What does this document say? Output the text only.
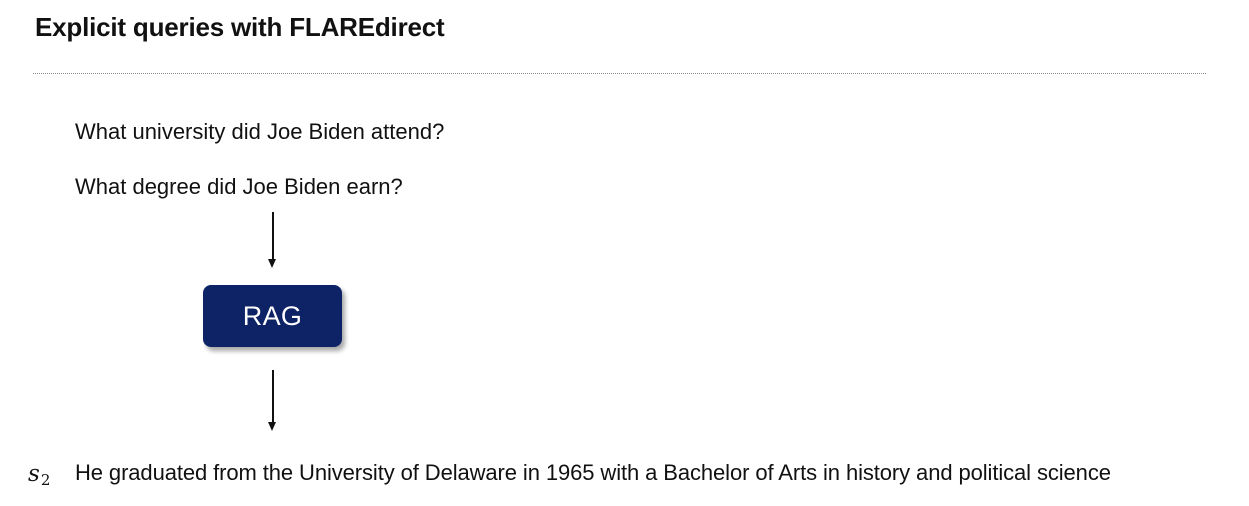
Explicit queries with FLAREdirect
What university did Joe Biden attend?
What degree did Joe Biden earn?
RAG
$s_2$ He graduated from the University of Delaware in 1965 with a Bachelor of Arts in history and political science
